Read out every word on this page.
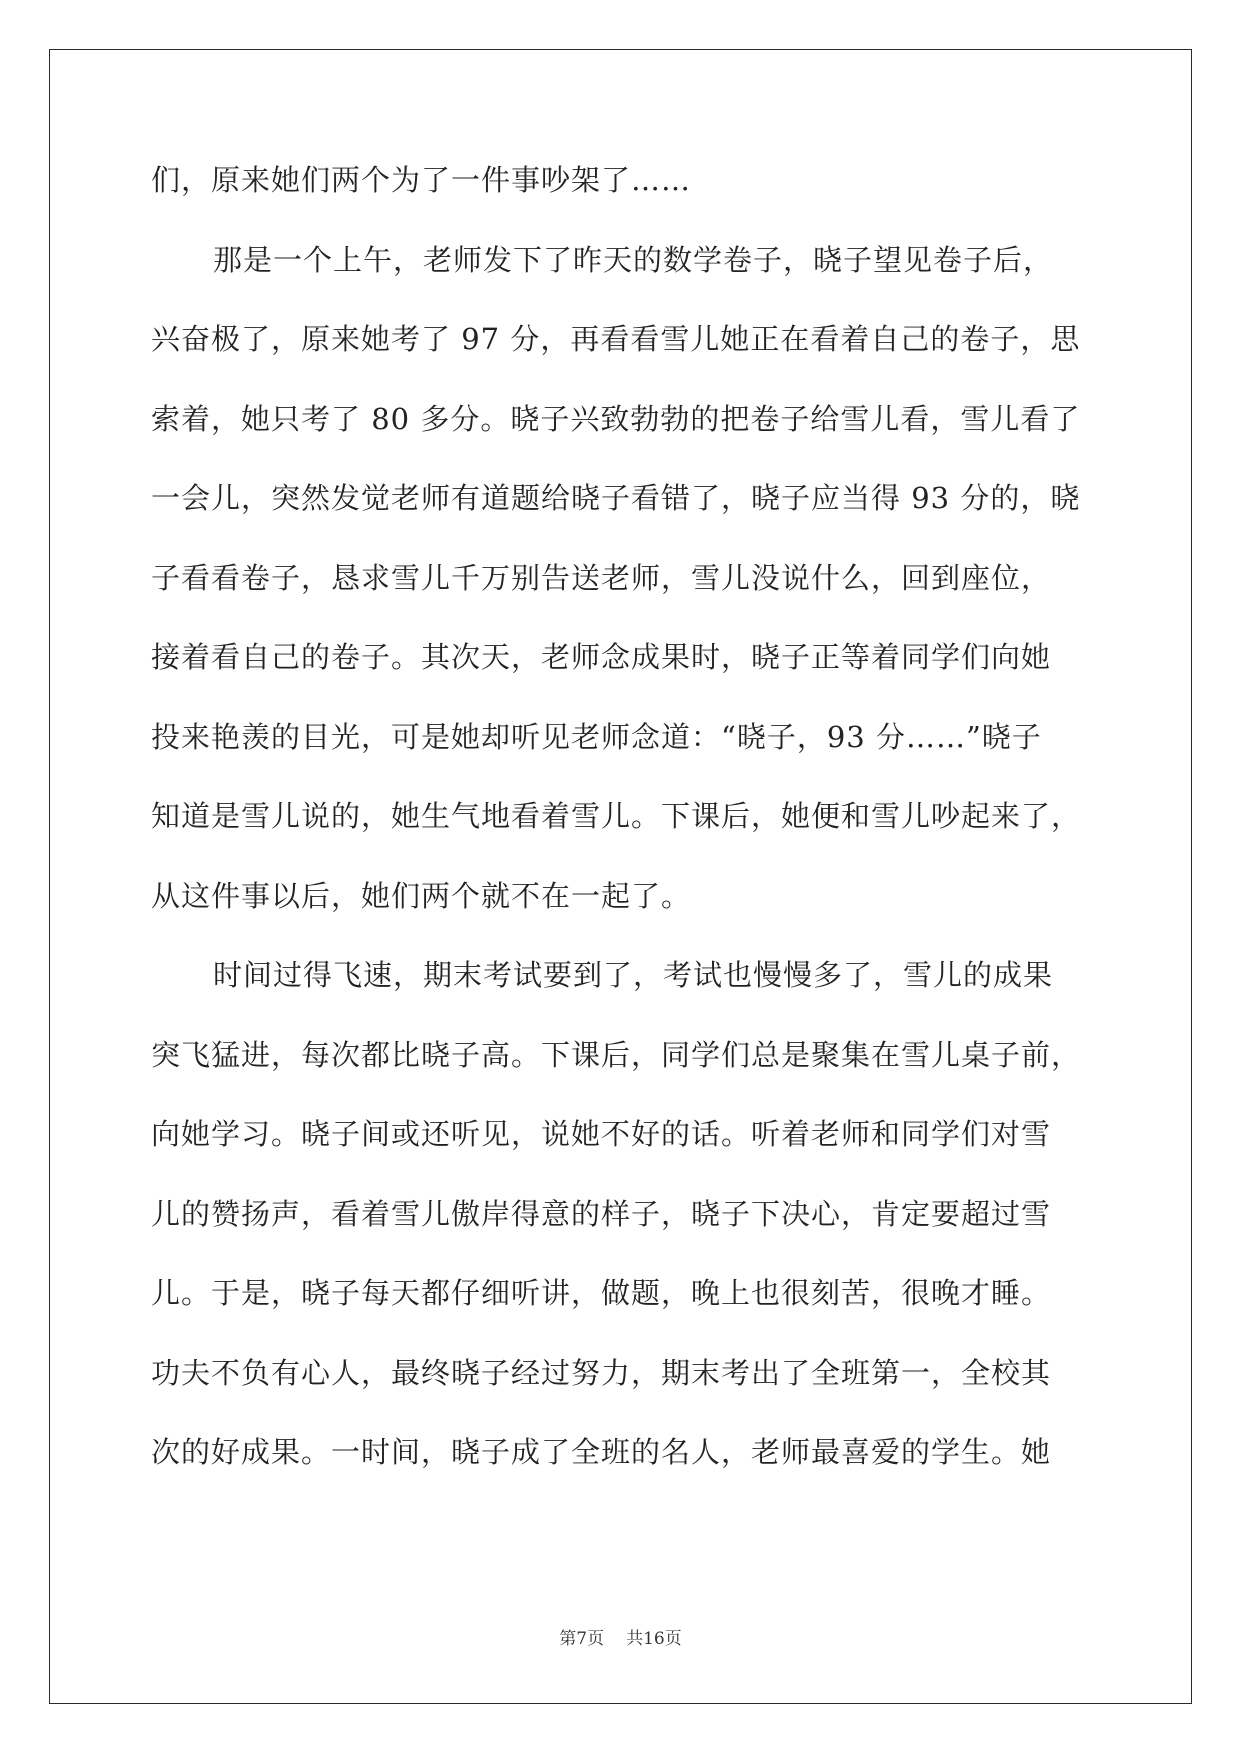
们，原来她们两个为了一件事吵架了……
那是一个上午，老师发下了昨天的数学卷子，晓子望见卷子后，
兴奋极了，原来她考了 97 分，再看看雪儿她正在看着自己的卷子，思
索着，她只考了 80 多分。晓子兴致勃勃的把卷子给雪儿看，雪儿看了
一会儿，突然发觉老师有道题给晓子看错了，晓子应当得 93 分的，晓
子看看卷子，恳求雪儿千万别告送老师，雪儿没说什么，回到座位，
接着看自己的卷子。其次天，老师念成果时，晓子正等着同学们向她
投来艳羡的目光，可是她却听见老师念道：“晓子，93 分……”晓子
知道是雪儿说的，她生气地看着雪儿。下课后，她便和雪儿吵起来了，
从这件事以后，她们两个就不在一起了。
时间过得飞速，期末考试要到了，考试也慢慢多了，雪儿的成果
突飞猛进，每次都比晓子高。下课后，同学们总是聚集在雪儿桌子前，
向她学习。晓子间或还听见，说她不好的话。听着老师和同学们对雪
儿的赞扬声，看着雪儿傲岸得意的样子，晓子下决心，肯定要超过雪
儿。于是，晓子每天都仔细听讲，做题，晚上也很刻苦，很晚才睡。
功夫不负有心人，最终晓子经过努力，期末考出了全班第一，全校其
次的好成果。一时间，晓子成了全班的名人，老师最喜爱的学生。她
第7页 共16页
